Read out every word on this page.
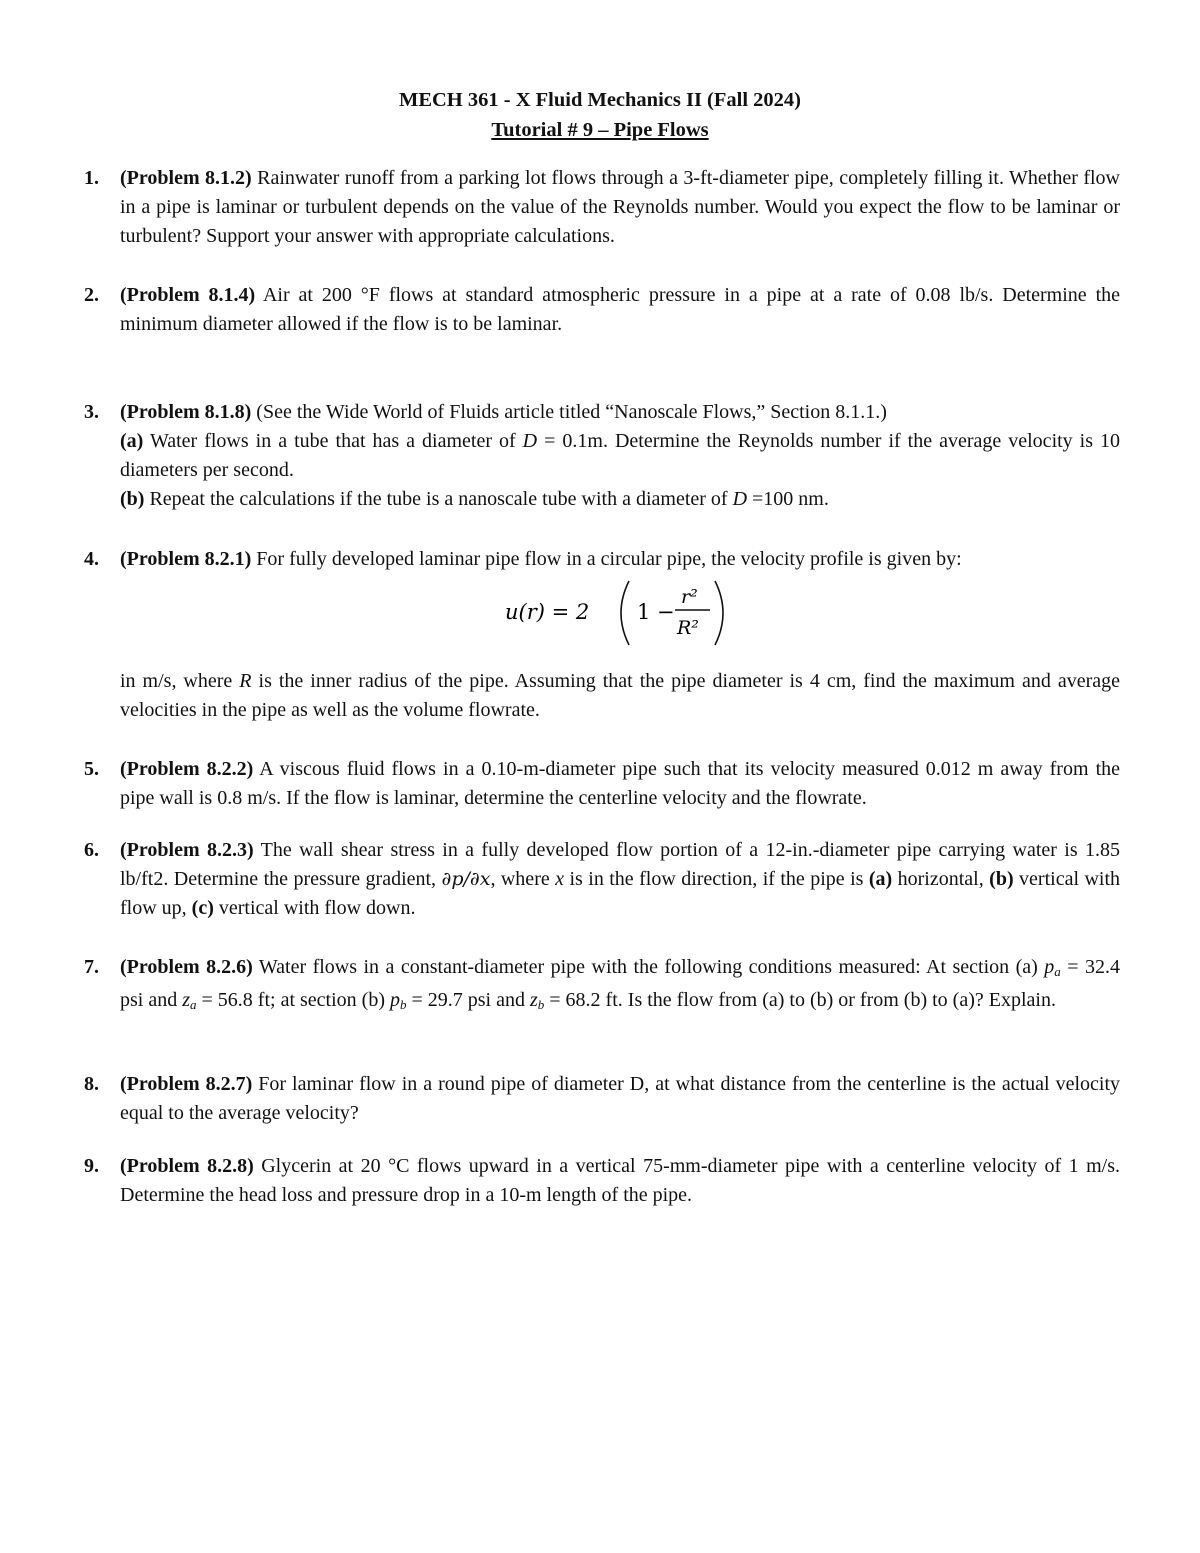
MECH 361 - X Fluid Mechanics II (Fall 2024)
Tutorial # 9 – Pipe Flows
1. (Problem 8.1.2) Rainwater runoff from a parking lot flows through a 3-ft-diameter pipe, completely filling it. Whether flow in a pipe is laminar or turbulent depends on the value of the Reynolds number. Would you expect the flow to be laminar or turbulent? Support your answer with appropriate calculations.
2. (Problem 8.1.4) Air at 200 °F flows at standard atmospheric pressure in a pipe at a rate of 0.08 lb/s. Determine the minimum diameter allowed if the flow is to be laminar.
3. (Problem 8.1.8) (See the Wide World of Fluids article titled “Nanoscale Flows,” Section 8.1.1.)
(a) Water flows in a tube that has a diameter of D = 0.1m. Determine the Reynolds number if the average velocity is 10 diameters per second.
(b) Repeat the calculations if the tube is a nanoscale tube with a diameter of D =100 nm.
4. (Problem 8.2.1) For fully developed laminar pipe flow in a circular pipe, the velocity profile is given by:
u(r) = 2 1 −
r²
R²
in m/s, where R is the inner radius of the pipe. Assuming that the pipe diameter is 4 cm, find the maximum and average velocities in the pipe as well as the volume flowrate.
5. (Problem 8.2.2) A viscous fluid flows in a 0.10-m-diameter pipe such that its velocity measured 0.012 m away from the pipe wall is 0.8 m/s. If the flow is laminar, determine the centerline velocity and the flowrate.
6. (Problem 8.2.3) The wall shear stress in a fully developed flow portion of a 12-in.-diameter pipe carrying water is 1.85 lb/ft2. Determine the pressure gradient, ∂p/∂x, where x is in the flow direction, if the pipe is (a) horizontal, (b) vertical with flow up, (c) vertical with flow down.
7. (Problem 8.2.6) Water flows in a constant-diameter pipe with the following conditions measured: At section (a) $p_a = 32.4$ psi and $z_a = 56.8$ ft; at section (b) $p_b = 29.7$ psi and $z_b = 68.2$ ft. Is the flow from (a) to (b) or from (b) to (a)? Explain.
8. (Problem 8.2.7) For laminar flow in a round pipe of diameter D, at what distance from the centerline is the actual velocity equal to the average velocity?
9. (Problem 8.2.8) Glycerin at 20 °C flows upward in a vertical 75-mm-diameter pipe with a centerline velocity of 1 m/s. Determine the head loss and pressure drop in a 10-m length of the pipe.
